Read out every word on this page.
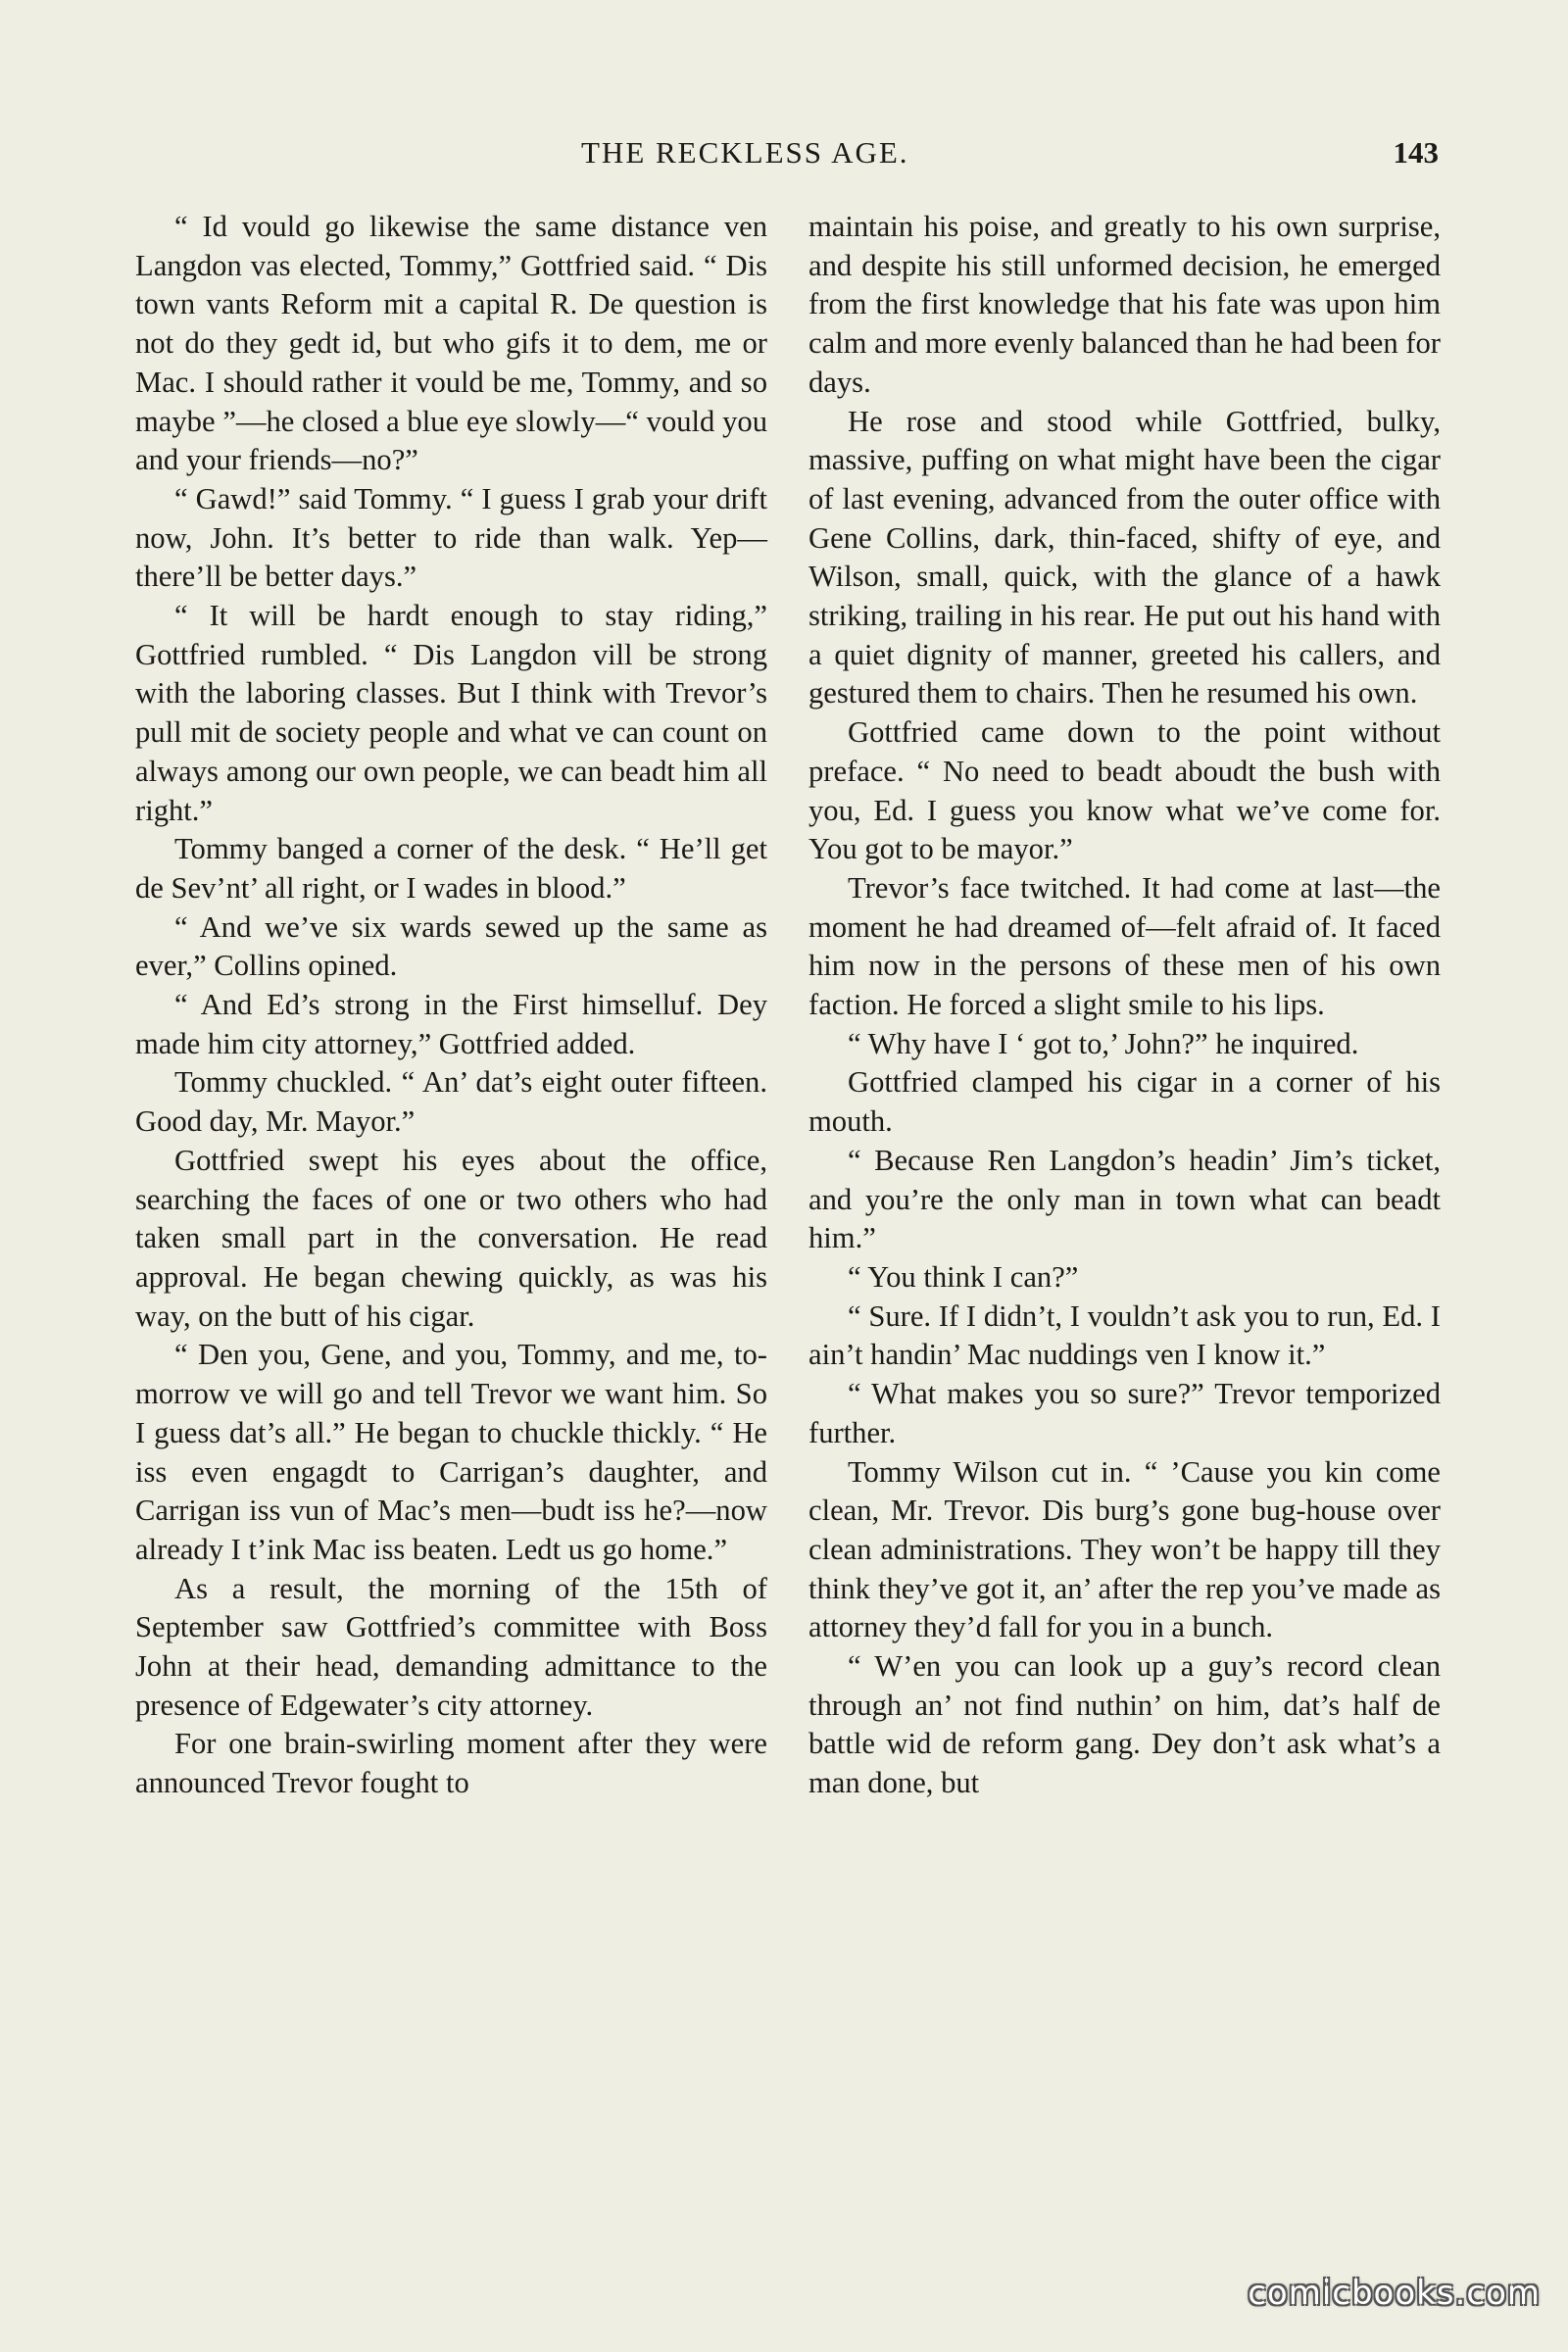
THE RECKLESS AGE.	143

“ Id vould go likewise the same distance ven Langdon vas elected, Tommy,” Gottfried said. “ Dis town vants Reform mit a capital R. De question is not do they gedt id, but who gifs it to dem, me or Mac. I should rather it vould be me, Tommy, and so maybe ”—he closed a blue eye slowly—“ vould you and your friends—no?”

“ Gawd!” said Tommy. “ I guess I grab your drift now, John. It’s better to ride than walk. Yep—there’ll be better days.”

“ It will be hardt enough to stay riding,” Gottfried rumbled. “ Dis Langdon vill be strong with the laboring classes. But I think with Trevor’s pull mit de society people and what ve can count on always among our own people, we can beadt him all right.”

Tommy banged a corner of the desk. “ He’ll get de Sev’nt’ all right, or I wades in blood.”

“ And we’ve six wards sewed up the same as ever,” Collins opined.

“ And Ed’s strong in the First himselluf. Dey made him city attorney,” Gottfried added.

Tommy chuckled. “ An’ dat’s eight outer fifteen. Good day, Mr. Mayor.”

Gottfried swept his eyes about the office, searching the faces of one or two others who had taken small part in the conversation. He read approval. He began chewing quickly, as was his way, on the butt of his cigar.

“ Den you, Gene, and you, Tommy, and me, to-morrow ve will go and tell Trevor we want him. So I guess dat’s all.” He began to chuckle thickly. “ He iss even engagdt to Carrigan’s daughter, and Carrigan iss vun of Mac’s men—budt iss he?—now already I t’ink Mac iss beaten. Ledt us go home.”

As a result, the morning of the 15th of September saw Gottfried’s committee with Boss John at their head, demanding admittance to the presence of Edgewater’s city attorney.

For one brain-swirling moment after they were announced Trevor fought to

maintain his poise, and greatly to his own surprise, and despite his still unformed decision, he emerged from the first knowledge that his fate was upon him calm and more evenly balanced than he had been for days.

He rose and stood while Gottfried, bulky, massive, puffing on what might have been the cigar of last evening, advanced from the outer office with Gene Collins, dark, thin-faced, shifty of eye, and Wilson, small, quick, with the glance of a hawk striking, trailing in his rear. He put out his hand with a quiet dignity of manner, greeted his callers, and gestured them to chairs. Then he resumed his own.

Gottfried came down to the point without preface. “ No need to beadt aboudt the bush with you, Ed. I guess you know what we’ve come for. You got to be mayor.”

Trevor’s face twitched. It had come at last—the moment he had dreamed of—felt afraid of. It faced him now in the persons of these men of his own faction. He forced a slight smile to his lips.

“ Why have I ‘ got to,’ John?” he inquired.

Gottfried clamped his cigar in a corner of his mouth.

“ Because Ren Langdon’s headin’ Jim’s ticket, and you’re the only man in town what can beadt him.”

“ You think I can?”

“ Sure. If I didn’t, I vouldn’t ask you to run, Ed. I ain’t handin’ Mac nuddings ven I know it.”

“ What makes you so sure?” Trevor temporized further.

Tommy Wilson cut in. “ ’Cause you kin come clean, Mr. Trevor. Dis burg’s gone bug-house over clean administrations. They won’t be happy till they think they’ve got it, an’ after the rep you’ve made as attorney they’d fall for you in a bunch.

“ W’en you can look up a guy’s record clean through an’ not find nuthin’ on him, dat’s half de battle wid de reform gang. Dey don’t ask what’s a man done, but

comicbooks.com
